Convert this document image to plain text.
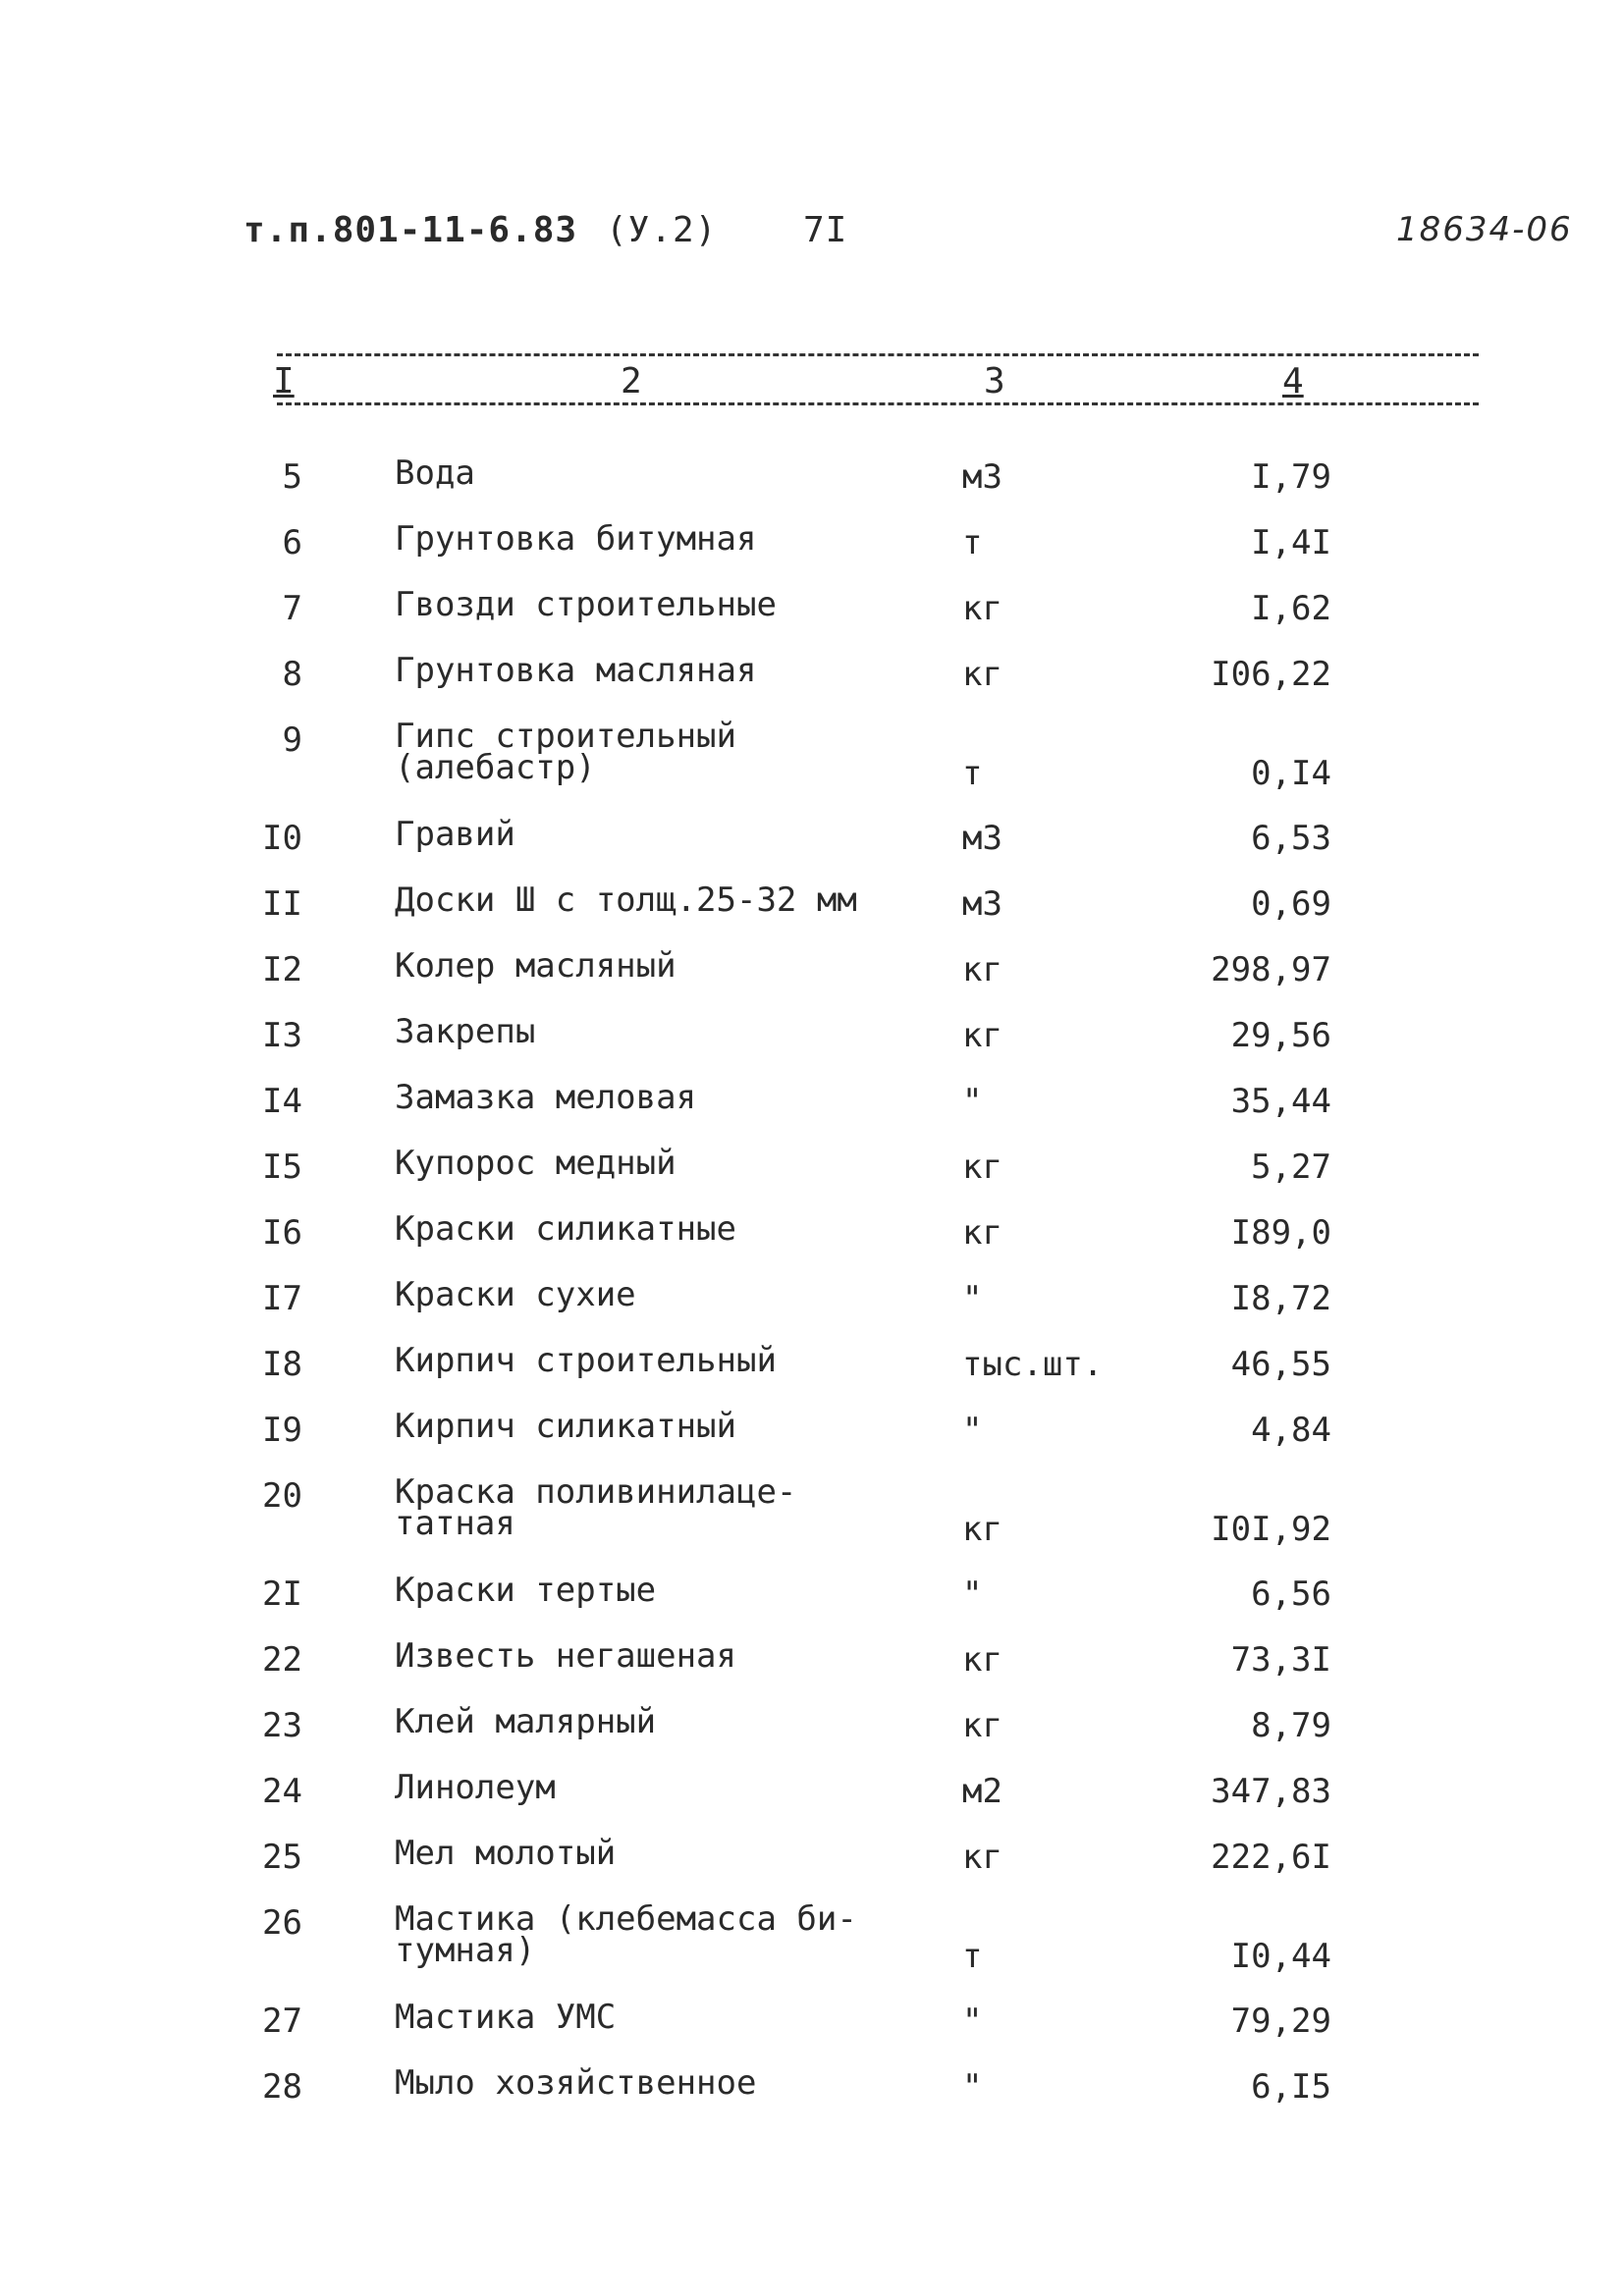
т.п.801-11-6.83 (У.2) 7I	18634-06
I	2	3	4
5	Вода	м3	I,79
6	Грунтовка битумная	т	I,4I
7	Гвозди строительные	кг	I,62
8	Грунтовка масляная	кг	I06,22
9	Гипс строительный
(алебастр)	т	0,I4
I0	Гравий	м3	6,53
II	Доски Ш с толщ.25-32 мм	м3	0,69
I2	Колер масляный	кг	298,97
I3	Закрепы	кг	29,56
I4	Замазка меловая	"	35,44
I5	Купорос медный	кг	5,27
I6	Краски силикатные	кг	I89,0
I7	Краски сухие	"	I8,72
I8	Кирпич строительный	тыс.шт.	46,55
I9	Кирпич силикатный	"	4,84
20	Краска поливинилаце-
татная	кг	I0I,92
2I	Краски тертые	"	6,56
22	Известь негашеная	кг	73,3I
23	Клей малярный	кг	8,79
24	Линолеум	м2	347,83
25	Мел молотый	кг	222,6I
26	Мастика (клебемасса би-
тумная)	т	I0,44
27	Мастика УМС	"	79,29
28	Мыло хозяйственное	"	6,I5
